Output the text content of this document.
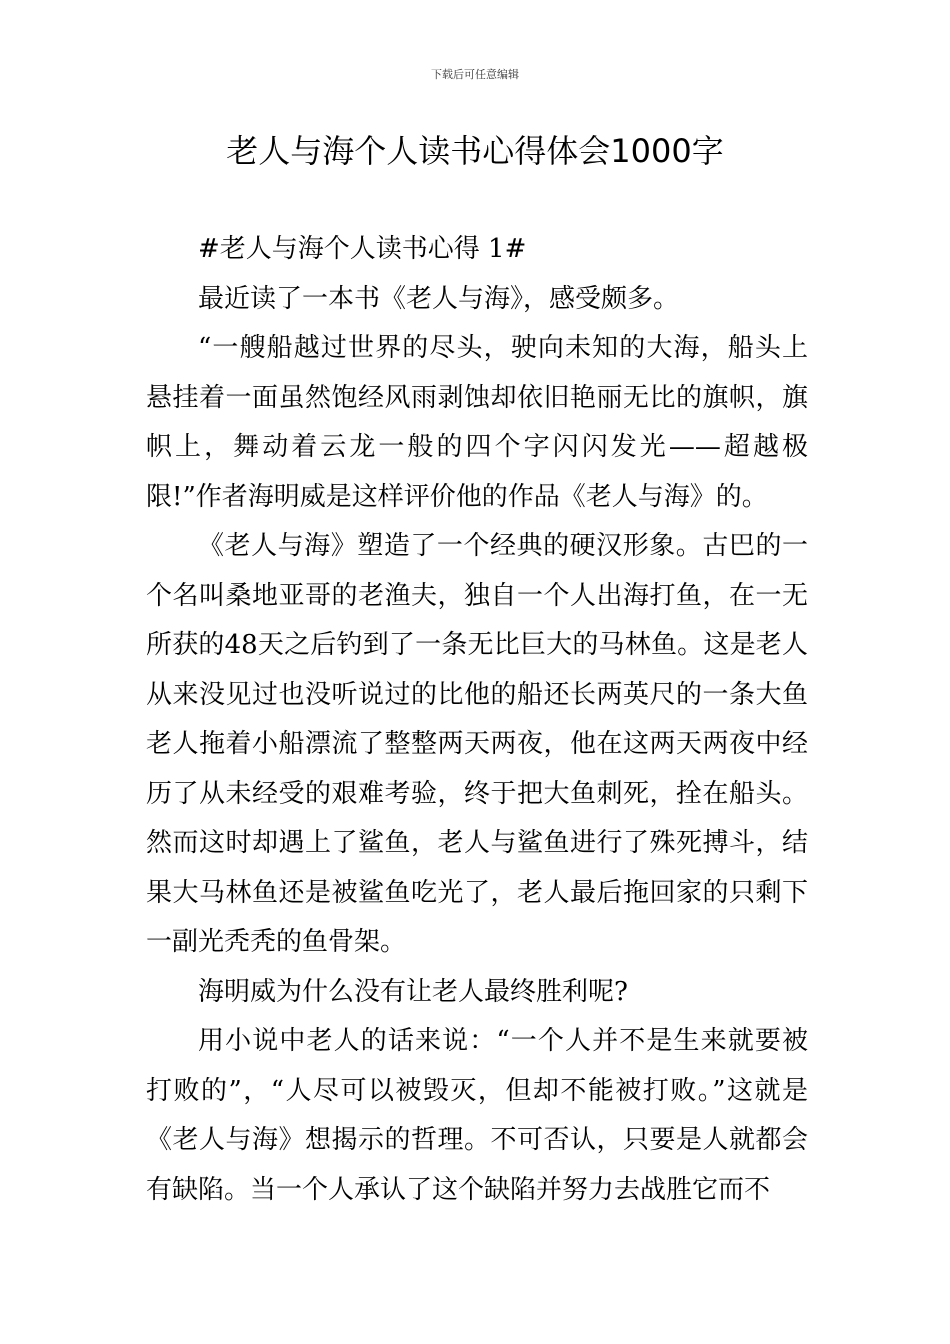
下载后可任意编辑
老人与海个人读书心得体会1000字

#老人与海个人读书心得 1#

最近读了一本书《老人与海》，感受颇多。

“一艘船越过世界的尽头，驶向未知的大海，船头上悬挂着一面虽然饱经风雨剥蚀却依旧艳丽无比的旗帜，旗帜上，舞动着云龙一般的四个字闪闪发光——超越极限!”作者海明威是这样评价他的作品《老人与海》的。

《老人与海》塑造了一个经典的硬汉形象。古巴的一个名叫桑地亚哥的老渔夫，独自一个人出海打鱼，在一无所获的48天之后钓到了一条无比巨大的马林鱼。这是老人从来没见过也没听说过的比他的船还长两英尺的一条大鱼老人拖着小船漂流了整整两天两夜，他在这两天两夜中经历了从未经受的艰难考验，终于把大鱼刺死，拴在船头。然而这时却遇上了鲨鱼，老人与鲨鱼进行了殊死搏斗，结果大马林鱼还是被鲨鱼吃光了，老人最后拖回家的只剩下一副光秃秃的鱼骨架。

海明威为什么没有让老人最终胜利呢?

用小说中老人的话来说：“一个人并不是生来就要被打败的”，“人尽可以被毁灭，但却不能被打败。”这就是《老人与海》想揭示的哲理。不可否认，只要是人就都会有缺陷。当一个人承认了这个缺陷并努力去战胜它而不
